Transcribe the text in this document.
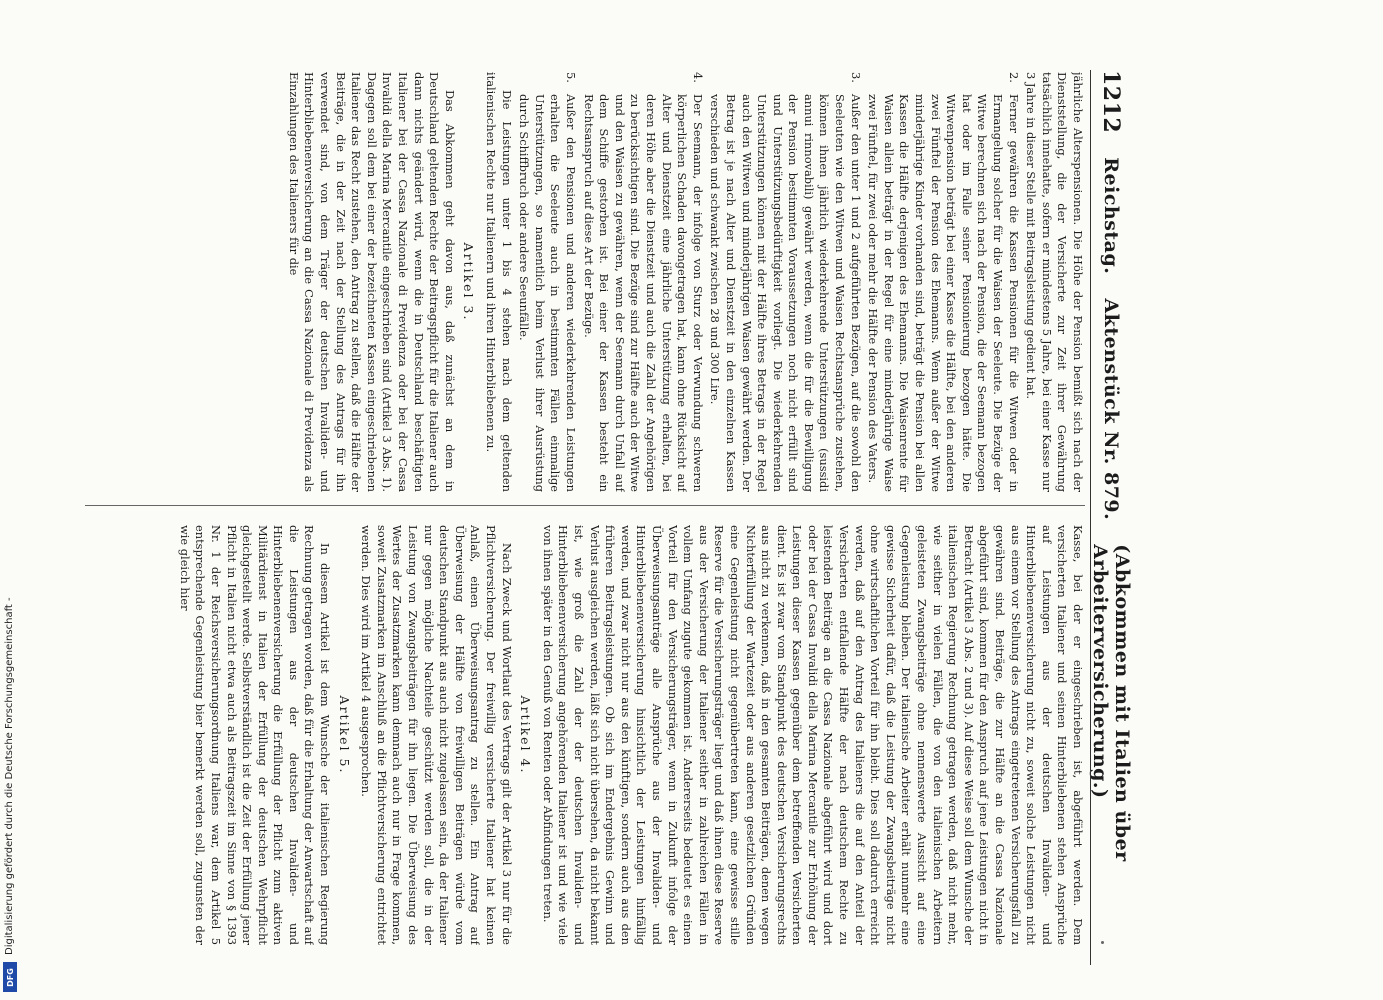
1212
Reichstag.
Aktenstück Nr. 879.
(Abkommen mit Italien über Arbeiterversicherung.)

jährliche Alterspensionen. Die Höhe der Pension bemißt sich nach der Dienststellung, die der Versicherte zur Zeit ihrer Gewährung tatsächlich innehatte, sofern er mindestens 5 Jahre, bei einer Kasse nur 3 Jahre in dieser Stelle mit Beitragsleistung gedient hat.

2.
Ferner gewähren die Kassen Pensionen für die Witwen oder in Ermangelung solcher für die Waisen der Seeleute. Die Bezüge der Witwe berechnen sich nach der Pension, die der Seemann bezogen hat oder im Falle seiner Pensionierung bezogen hätte. Die Witwenpension beträgt bei einer Kasse die Hälfte, bei den anderen zwei Fünftel der Pension des Ehemanns. Wenn außer der Witwe minderjährige Kinder vorhanden sind, beträgt die Pension bei allen Kassen die Hälfte derjenigen des Ehemanns. Die Waisenrente für Waisen allein beträgt in der Regel für eine minderjährige Waise zwei Fünftel, für zwei oder mehr die Hälfte der Pension des Vaters.
3.
Außer den unter 1 und 2 aufgeführten Bezügen, auf die sowohl den Seeleuten wie den Witwen und Waisen Rechtsansprüche zustehen, können ihnen jährlich wiederkehrende Unterstützungen (sussidi annui rinnovabili) gewährt werden, wenn die für die Bewilligung der Pension bestimmten Voraussetzungen noch nicht erfüllt sind und Unterstützungsbedürftigkeit vorliegt. Die wiederkehrenden Unterstützungen können mit der Hälfte ihres Betrags in der Regel auch den Witwen und minderjährigen Waisen gewährt werden. Der Betrag ist je nach Alter und Dienstzeit in den einzelnen Kassen verschieden und schwankt zwischen 28 und 300 Lire.
4.
Der Seemann, der infolge von Sturz oder Verwundung schweren körperlichen Schaden davongetragen hat, kann ohne Rücksicht auf Alter und Dienstzeit eine jährliche Unterstützung erhalten, bei deren Höhe aber die Dienstzeit und auch die Zahl der Angehörigen zu berücksichtigen sind. Die Bezüge sind zur Hälfte auch der Witwe und den Waisen zu gewähren, wenn der Seemann durch Unfall auf dem Schiffe gestorben ist. Bei einer der Kassen besteht ein Rechtsanspruch auf diese Art der Bezüge.
5.
Außer den Pensionen und anderen wiederkehrenden Leistungen erhalten die Seeleute auch in bestimmten Fällen einmalige Unterstützungen, so namentlich beim Verlust ihrer Ausrüstung durch Schiffbruch oder andere Seeunfälle.

Die Leistungen unter 1 bis 4 stehen nach dem geltenden italienischen Rechte nur Italienern und ihren Hinterbliebenen zu.

Artikel 3.

Das Abkommen geht davon aus, daß zunächst an dem in Deutschland geltenden Rechte der Beitragspflicht für die Italiener auch dann nichts geändert wird, wenn die in Deutschland beschäftigten Italiener bei der Cassa Nazionale di Previdenza oder bei der Cassa Invalidi della Marina Mercantile eingeschrieben sind (Artikel 3 Abs. 1). Dagegen soll dem bei einer der bezeichneten Kassen eingeschriebenen Italiener das Recht zustehen, den Antrag zu stellen, daß die Hälfte der Beiträge, die in der Zeit nach der Stellung des Antrags für ihn verwendet sind, von dem Träger der deutschen Invaliden- und Hinterbliebenenversicherung an die Cassa Nazionale di Previdenza als Einzahlungen des Italieners für die

Kasse, bei der er eingeschrieben ist, abgeführt werden. Dem versicherten Italiener und seinen Hinterbliebenen stehen Ansprüche auf Leistungen aus der deutschen Invaliden- und Hinterbliebenenversicherung nicht zu, soweit solche Leistungen nicht aus einem vor Stellung des Antrags eingetretenen Versicherungsfall zu gewähren sind. Beiträge, die zur Hälfte an die Cassa Nazionale abgeführt sind, kommen für den Anspruch auf jene Leistungen nicht in Betracht (Artikel 3 Abs. 2 und 3). Auf diese Weise soll dem Wunsche der italienischen Regierung Rechnung getragen werden, daß nicht mehr, wie seither in vielen Fällen, die von den italienischen Arbeitern geleisteten Zwangsbeiträge ohne nennenswerte Aussicht auf eine Gegenleistung bleiben. Der italienische Arbeiter erhält nunmehr eine gewisse Sicherheit dafür, daß die Leistung der Zwangsbeiträge nicht ohne wirtschaftlichen Vorteil für ihn bleibt. Dies soll dadurch erreicht werden, daß auf den Antrag des Italieners die auf den Anteil der Versicherten entfallende Hälfte der nach deutschem Rechte zu leistenden Beiträge an die Cassa Nazionale abgeführt wird und dort oder bei der Cassa Invalidi della Marina Mercantile zur Erhöhung der Leistungen dieser Kassen gegenüber dem betreffenden Versicherten dient. Es ist zwar vom Standpunkt des deutschen Versicherungsrechts aus nicht zu verkennen, daß in den gesamten Beiträgen, denen wegen Nichterfüllung der Wartezeit oder aus anderen gesetzlichen Gründen eine Gegenleistung nicht gegenübertreten kann, eine gewisse stille Reserve für die Versicherungsträger liegt und daß ihnen diese Reserve aus der Versicherung der Italiener seither in zahlreichen Fällen in vollem Umfang zugute gekommen ist. Andererseits bedeutet es einen Vorteil für den Versicherungsträger, wenn in Zukunft infolge der Überweisungsanträge alle Ansprüche aus der Invaliden- und Hinterbliebenenversicherung hinsichtlich der Leistungen hinfällig werden, und zwar nicht nur aus den künftigen, sondern auch aus den früheren Beitragsleistungen. Ob sich im Endergebnis Gewinn und Verlust ausgleichen werden, läßt sich nicht übersehen, da nicht bekannt ist, wie groß die Zahl der der deutschen Invaliden- und Hinterbliebenenversicherung angehörenden Italiener ist und wie viele von ihnen später in den Genuß von Renten oder Abfindungen treten.

Artikel 4.

Nach Zweck und Wortlaut des Vertrags gilt der Artikel 3 nur für die Pflichtversicherung. Der freiwillig versicherte Italiener hat keinen Anlaß, einen Überweisungsantrag zu stellen. Ein Antrag auf Überweisung der Hälfte von freiwilligen Beiträgen würde vom deutschen Standpunkt aus auch nicht zugelassen sein, da der Italiener nur gegen mögliche Nachteile geschützt werden soll, die in der Leistung von Zwangsbeiträgen für ihn liegen. Die Überweisung des Wertes der Zusatzmarken kann demnach auch nur in Frage kommen, soweit Zusatzmarken im Anschluß an die Pflichtversicherung entrichtet werden. Dies wird im Artikel 4 ausgesprochen.

Artikel 5.

In diesem Artikel ist dem Wunsche der italienischen Regierung Rechnung getragen worden, daß für die Erhaltung der Anwartschaft auf die Leistungen aus der deutschen Invaliden- und Hinterbliebenenversicherung die Erfüllung der Pflicht zum aktiven Militärdienst in Italien der Erfüllung der deutschen Wehrpflicht gleichgestellt werde. Selbstverständlich ist die Zeit der Erfüllung jener Pflicht in Italien nicht etwa auch als Beitragszeit im Sinne von § 1393 Nr. 1 der Reichsversicherungsordnung Italiens war, dem Artikel 5 entsprechende Gegenleistung bier bemerkt werden soll, zugunsten der wie gleich hier

Digitalisierung gefördert durch die Deutsche Forschungsgemeinschaft -
DFG
